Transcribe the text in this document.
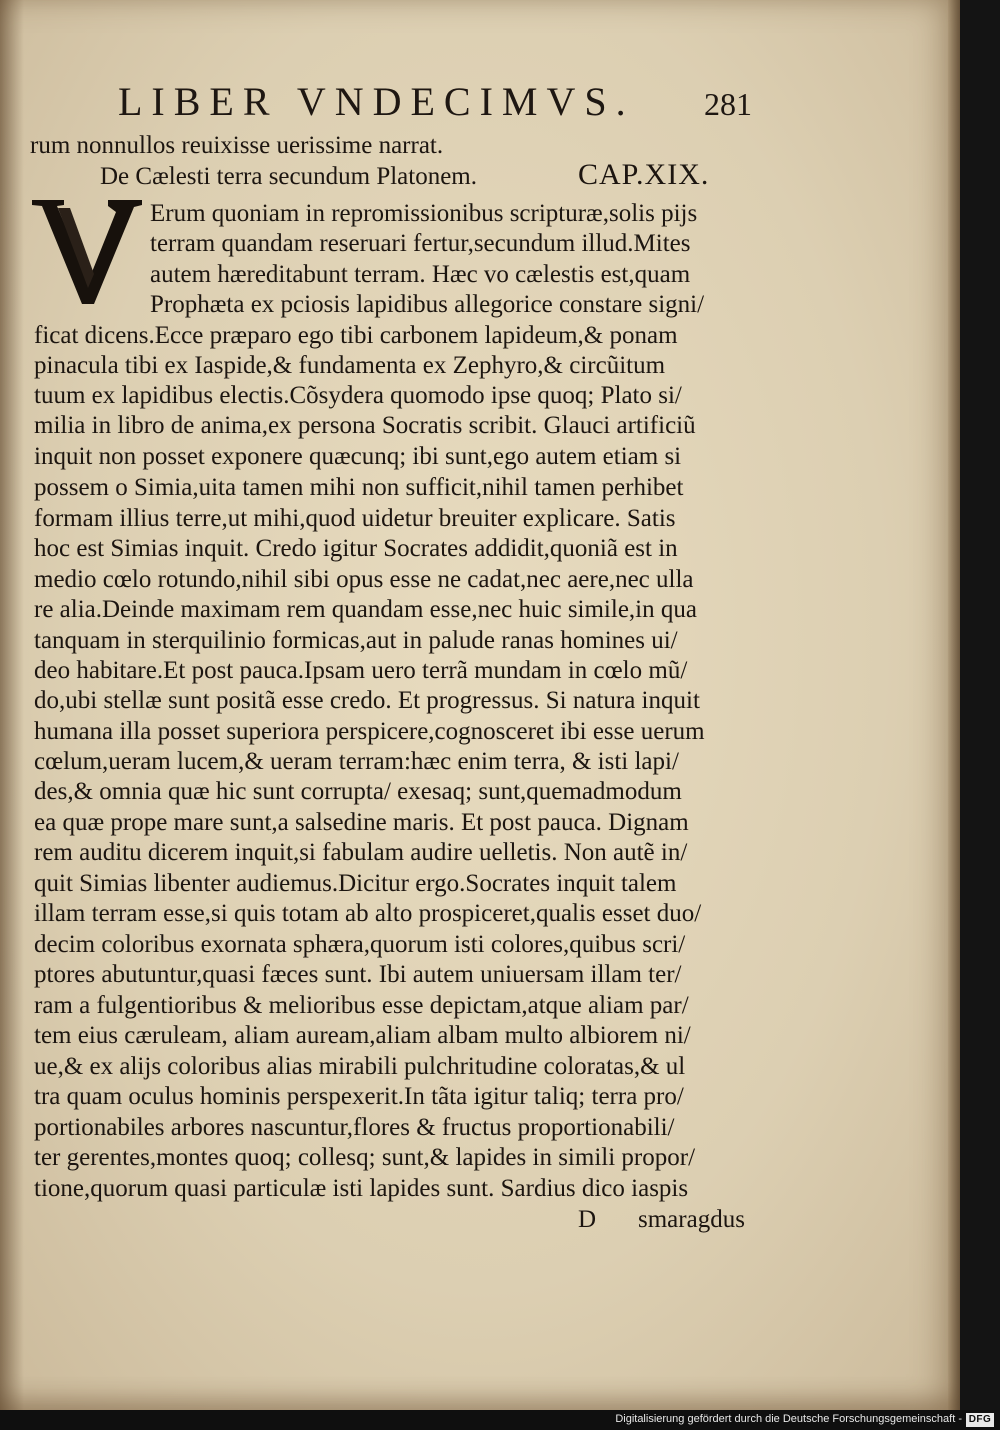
LIBER VNDECIMVS. 281
rum nonnullos reuixisse uerissime narrat.
De Cælesti terra secundum Platonem.	CAP.XIX.
Erum quoniam in repromissionibus scripturæ,solis pijs
terram quandam reseruari fertur,secundum illud.Mites
autem hæreditabunt terram. Hæc vo cælestis est,quam
Prophæta ex pciosis lapidibus allegorice constare signi/
ficat dicens.Ecce præparo ego tibi carbonem lapideum,& ponam
pinacula tibi ex Iaspide,& fundamenta ex Zephyro,& circũitum
tuum ex lapidibus electis.Cõsydera quomodo ipse quoq; Plato si/
milia in libro de anima,ex persona Socratis scribit. Glauci artificiũ
inquit non posset exponere quæcunq; ibi sunt,ego autem etiam si
possem o Simia,uita tamen mihi non sufficit,nihil tamen perhibet
formam illius terre,ut mihi,quod uidetur breuiter explicare. Satis
hoc est Simias inquit. Credo igitur Socrates addidit,quoniã est in
medio cœlo rotundo,nihil sibi opus esse ne cadat,nec aere,nec ulla
re alia.Deinde maximam rem quandam esse,nec huic simile,in qua
tanquam in sterquilinio formicas,aut in palude ranas homines ui/
deo habitare.Et post pauca.Ipsam uero terrã mundam in cœlo mũ/
do,ubi stellæ sunt positã esse credo. Et progressus. Si natura inquit
humana illa posset superiora perspicere,cognosceret ibi esse uerum
cœlum,ueram lucem,& ueram terram:hæc enim terra, & isti lapi/
des,& omnia quæ hic sunt corrupta/ exesaq; sunt,quemadmodum
ea quæ prope mare sunt,a salsedine maris. Et post pauca. Dignam
rem auditu dicerem inquit,si fabulam audire uelletis. Non autẽ in/
quit Simias libenter audiemus.Dicitur ergo.Socrates inquit talem
illam terram esse,si quis totam ab alto prospiceret,qualis esset duo/
decim coloribus exornata sphæra,quorum isti colores,quibus scri/
ptores abutuntur,quasi fæces sunt. Ibi autem uniuersam illam ter/
ram a fulgentioribus & melioribus esse depictam,atque aliam par/
tem eius cæruleam, aliam auream,aliam albam multo albiorem ni/
ue,& ex alijs coloribus alias mirabili pulchritudine coloratas,& ul
tra quam oculus hominis perspexerit.In tãta igitur taliq; terra pro/
portionabiles arbores nascuntur,flores & fructus proportionabili/
ter gerentes,montes quoq; collesq; sunt,& lapides in simili propor/
tione,quorum quasi particulæ isti lapides sunt. Sardius dico iaspis
D smaragdus
Digitalisierung gefördert durch die Deutsche Forschungsgemeinschaft - DFG
